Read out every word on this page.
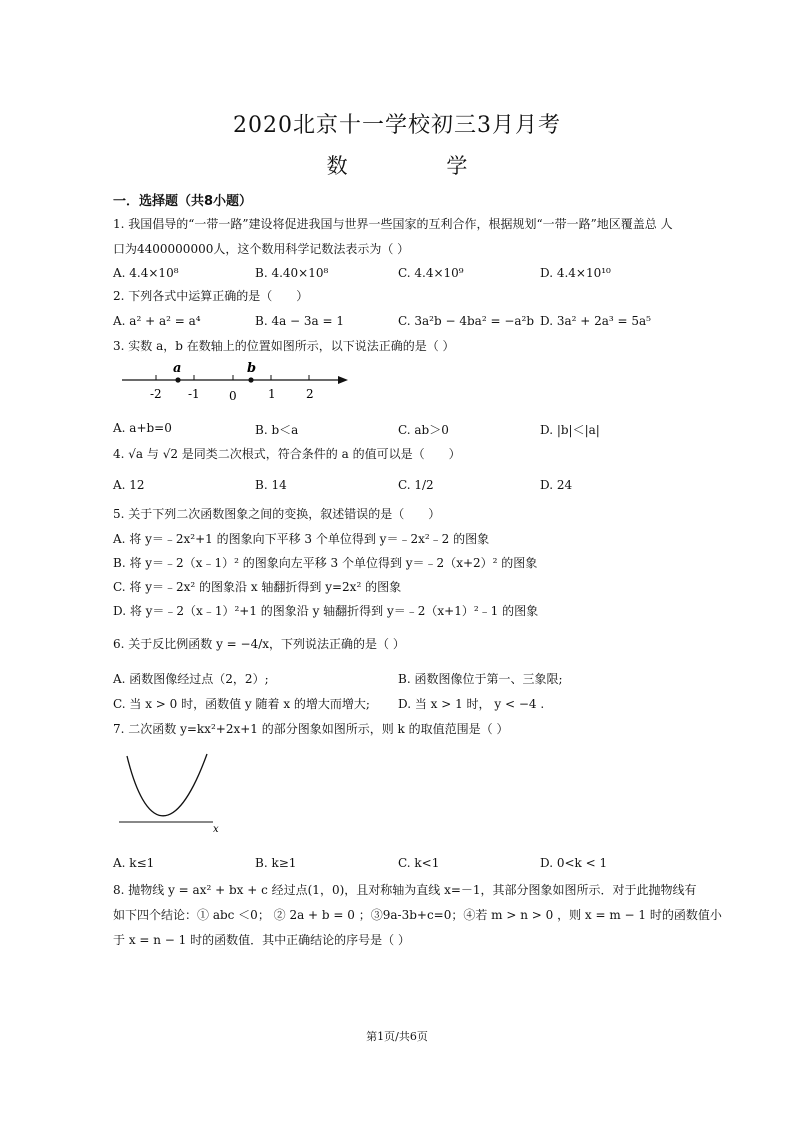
2020北京十一学校初三3月月考
数 学
一．选择题（共8小题）
1. 我国倡导的“一带一路”建设将促进我国与世界一些国家的互利合作，根据规划“一带一路”地区覆盖总 人
口为4400000000人，这个数用科学记数法表示为（ ）
A. 4.4×10⁸	B. 4.40×10⁸	C. 4.4×10⁹	D. 4.4×10¹⁰
2. 下列各式中运算正确的是（　　）
A. a² + a² = a⁴	B. 4a − 3a = 1	C. 3a²b − 4ba² = −a²b D. 3a² + 2a³ = 5a⁵
3. 实数 a，b 在数轴上的位置如图所示，以下说法正确的是（ ）
a	b
-2 -1 0	1	2
A. a+b=0	B. b＜a	C. ab＞0	D. |b|＜|a|
4. √a 与 √2 是同类二次根式，符合条件的 a 的值可以是（　　）
A. 12	B. 14	C. 1/2	D. 24
5. 关于下列二次函数图象之间的变换，叙述错误的是（　　）
A. 将 y＝﹣2x²+1 的图象向下平移 3 个单位得到 y＝﹣2x²﹣2 的图象
B. 将 y＝﹣2（x﹣1）² 的图象向左平移 3 个单位得到 y＝﹣2（x+2）² 的图象
C. 将 y＝﹣2x² 的图象沿 x 轴翻折得到 y=2x² 的图象
D. 将 y＝﹣2（x﹣1）²+1 的图象沿 y 轴翻折得到 y＝﹣2（x+1）²﹣1 的图象
6. 关于反比例函数 y = −4/x，下列说法正确的是（ ）
A. 函数图像经过点（2，2）;	B. 函数图像位于第一、三象限;
C. 当 x > 0 时，函数值 y 随着 x 的增大而增大; D. 当 x > 1 时， y < −4 .
7. 二次函数 y=kx²+2x+1 的部分图象如图所示，则 k 的取值范围是（ ）
x
A. k≤1	B. k≥1	C. k<1	D. 0<k < 1
8. 抛物线 y = ax² + bx + c 经过点(1，0)，且对称轴为直线 x=－1，其部分图象如图所示．对于此抛物线有
如下四个结论：① abc ＜0； ② 2a + b = 0 ；③9a-3b+c=0；④若 m > n > 0 ，则 x = m − 1 时的函数值小
于 x = n − 1 时的函数值．其中正确结论的序号是（ ）
第1页/共6页
